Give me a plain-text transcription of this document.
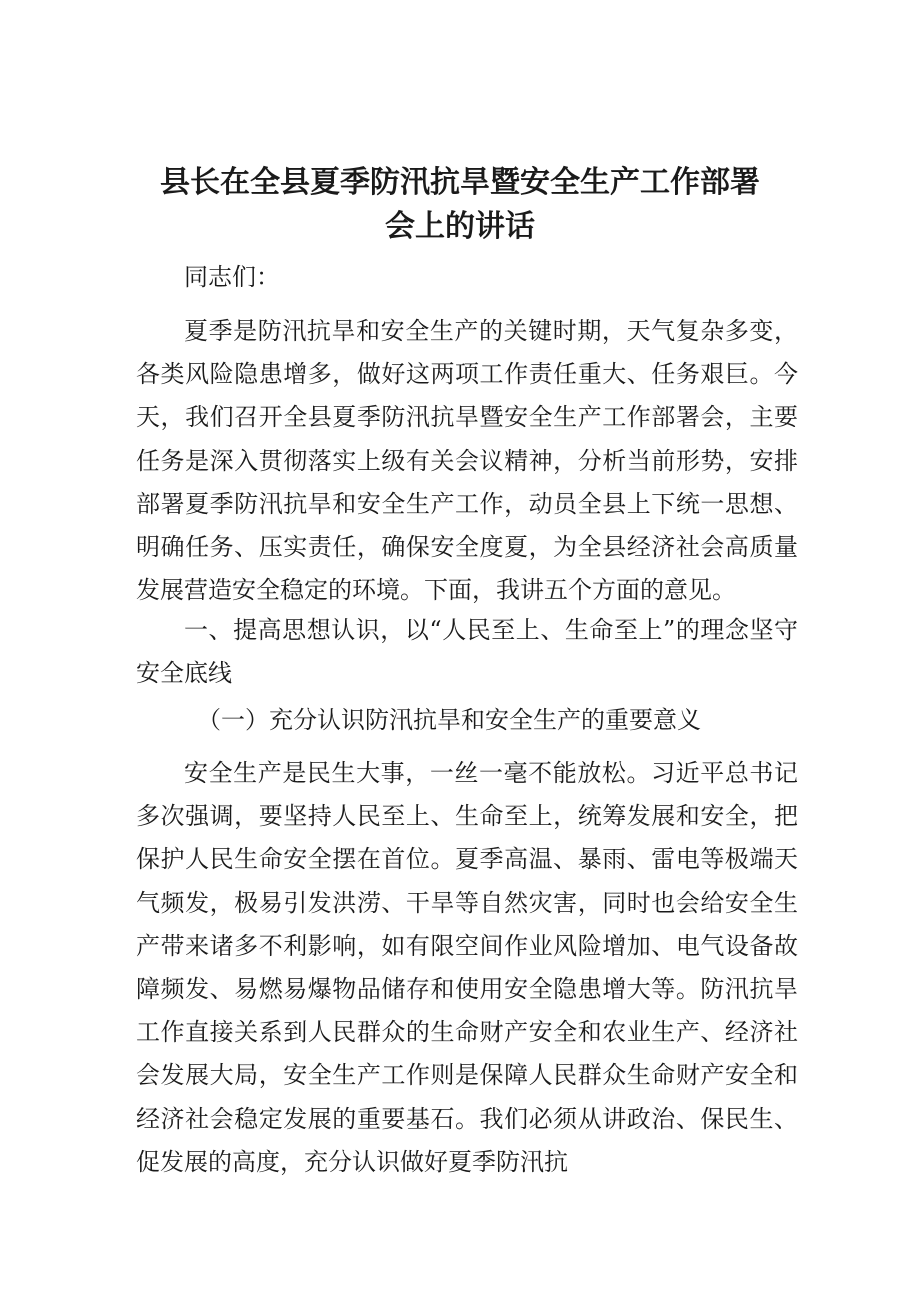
县长在全县夏季防汛抗旱暨安全生产工作部署
会上的讲话

同志们：

夏季是防汛抗旱和安全生产的关键时期，天气复杂多变，各类风险隐患增多，做好这两项工作责任重大、任务艰巨。今天，我们召开全县夏季防汛抗旱暨安全生产工作部署会，主要任务是深入贯彻落实上级有关会议精神，分析当前形势，安排部署夏季防汛抗旱和安全生产工作，动员全县上下统一思想、明确任务、压实责任，确保安全度夏，为全县经济社会高质量发展营造安全稳定的环境。下面，我讲五个方面的意见。

一、提高思想认识，以“人民至上、生命至上”的理念坚守安全底线

（一）充分认识防汛抗旱和安全生产的重要意义

安全生产是民生大事，一丝一毫不能放松。习近平总书记多次强调，要坚持人民至上、生命至上，统筹发展和安全，把保护人民生命安全摆在首位。夏季高温、暴雨、雷电等极端天气频发，极易引发洪涝、干旱等自然灾害，同时也会给安全生产带来诸多不利影响，如有限空间作业风险增加、电气设备故障频发、易燃易爆物品储存和使用安全隐患增大等。防汛抗旱工作直接关系到人民群众的生命财产安全和农业生产、经济社会发展大局，安全生产工作则是保障人民群众生命财产安全和经济社会稳定发展的重要基石。我们必须从讲政治、保民生、促发展的高度，充分认识做好夏季防汛抗
